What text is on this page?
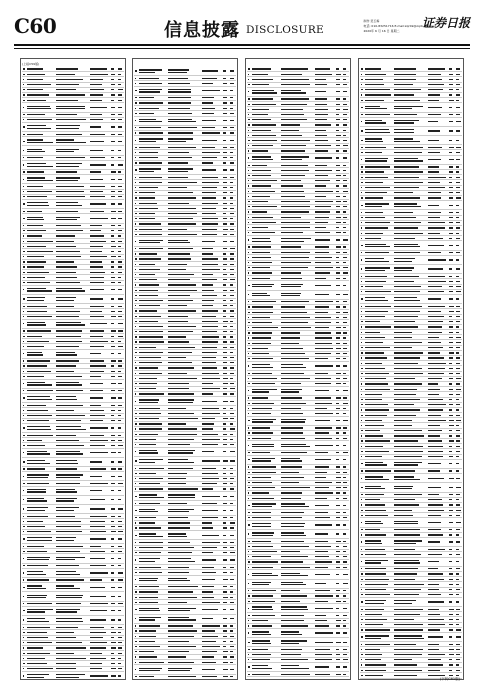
C60	信息披露 DISCLOSURE
制作 吴玉梅
电话: 010-83251716 E-mail:zqrb9@zqrb.sina.net
2020年 6 月 16 日 星期二
证券日报
(上接C59版)
(下转C61版)
